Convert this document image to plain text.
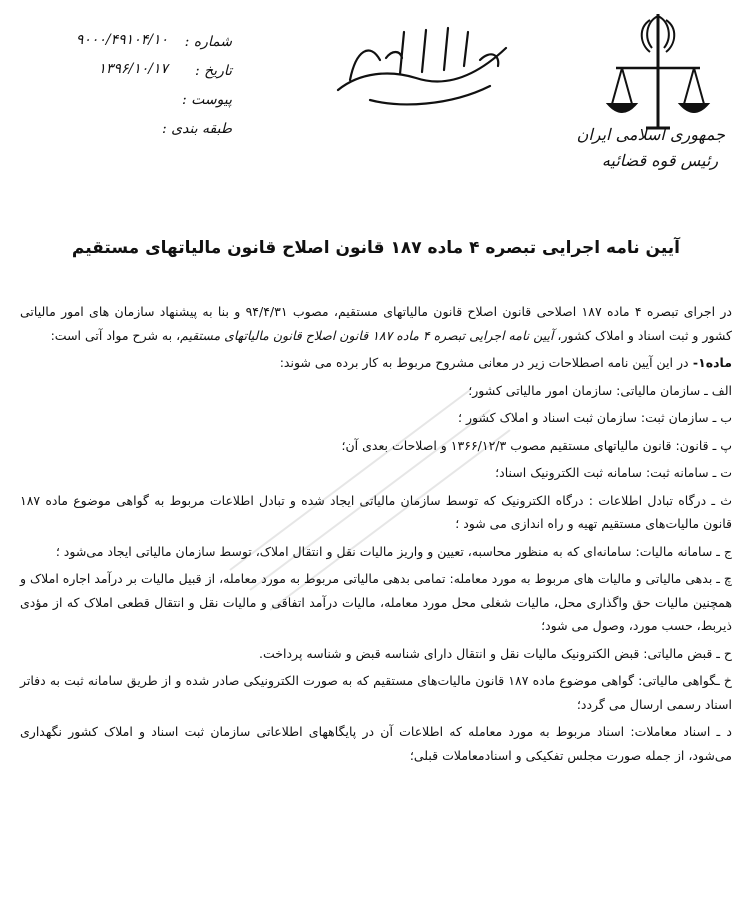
جمهوری اسلامی ایران
رئیس قوه قضائیه
شماره :
۹۰۰۰/۴۹۱۰۴/۱۰
تاریخ :
۱۳۹۶/۱۰/۱۷
پیوست :
طبقه بندی :
آیین نامه اجرایی تبصره ۴ ماده ۱۸۷ قانون اصلاح قانون مالیاتهای مستقیم

در اجرای تبصره ۴ ماده ۱۸۷ اصلاحی قانون اصلاح قانون مالیاتهای مستقیم، مصوب ۹۴/۴/۳۱ و بنا به پیشنهاد سازمان های امور مالیاتی کشور و ثبت اسناد و املاک کشور، آیین نامه اجرایی تبصره ۴ ماده ۱۸۷ قانون اصلاح قانون مالیاتهای مستقیم، به شرح مواد آتی است:

ماده۱- در این آیین نامه اصطلاحات زیر در معانی مشروح مربوط به کار برده می شوند:

الف ـ سازمان مالیاتی: سازمان امور مالیاتی کشور؛

ب ـ سازمان ثبت: سازمان ثبت اسناد و املاک کشور ؛

پ ـ قانون: قانون مالیاتهای مستقیم مصوب ۱۳۶۶/۱۲/۳ و اصلاحات بعدی آن؛

ت ـ سامانه ثبت: سامانه ثبت الکترونیک اسناد؛

ث ـ درگاه تبادل اطلاعات : درگاه الکترونیک که توسط سازمان مالیاتی ایجاد شده و تبادل اطلاعات مربوط به گواهی موضوع ماده ۱۸۷ قانون مالیات‌های مستقیم تهیه و راه اندازی می شود ؛

ج ـ سامانه مالیات: سامانه‌ای که به منظور محاسبه، تعیین و واریز مالیات نقل و انتقال املاک، توسط سازمان مالیاتی ایجاد می‌شود ؛

چ ـ بدهی مالیاتی و مالیات های مربوط به مورد معامله: تمامی بدهی مالیاتی مربوط به مورد معامله، از قبیل مالیات بر درآمد اجاره املاک و همچنین مالیات حق واگذاری محل، مالیات شغلی محل مورد معامله، مالیات درآمد اتفاقی و مالیات نقل و انتقال قطعی املاک که از مؤدی ذیربط، حسب مورد، وصول می شود؛

ح ـ قبض مالیاتی: قبض الکترونیک مالیات نقل و انتقال دارای شناسه قبض و شناسه پرداخت.

خ ـگواهی مالیاتی: گواهی موضوع ماده ۱۸۷ قانون مالیات‌های مستقیم که به صورت الکترونیکی صادر شده و از طریق سامانه ثبت به دفاتر اسناد رسمی ارسال می گردد؛

د ـ اسناد معاملات: اسناد مربوط به مورد معامله که اطلاعات آن در پایگاههای اطلاعاتی سازمان ثبت اسناد و املاک کشور نگهداری می‌شود، از جمله صورت مجلس تفکیکی و اسنادمعاملات قبلی؛
